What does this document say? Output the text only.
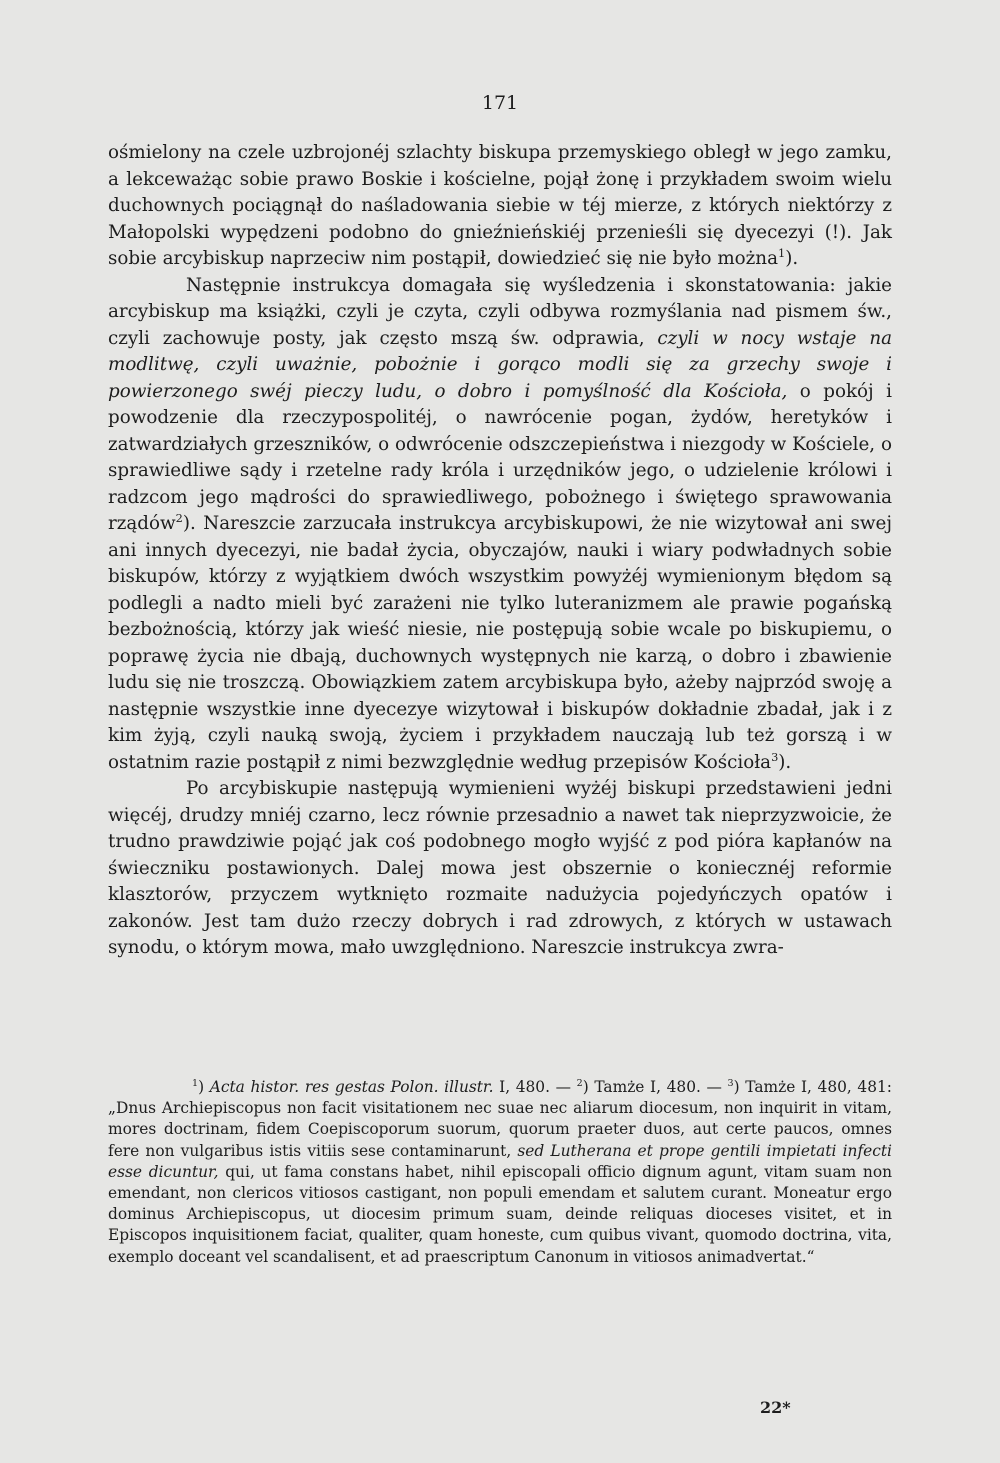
171

ośmielony na czele uzbrojonéj szlachty biskupa przemyskiego obległ w jego zamku, a lekceważąc sobie prawo Boskie i kościelne, pojął żonę i przykładem swoim wielu duchownych pociągnął do naśladowania siebie w téj mierze, z których niektórzy z Małopolski wypędzeni podobno do gnieźnieńskiéj przenieśli się dyecezyi (!). Jak sobie arcybiskup naprzeciw nim postąpił, dowiedzieć się nie było można$^1$).

Następnie instrukcya domagała się wyśledzenia i skonstatowania: jakie arcybiskup ma książki, czyli je czyta, czyli odbywa rozmyślania nad pismem św., czyli zachowuje posty, jak często mszą św. odprawia, czyli w nocy wstaje na modlitwę, czyli uważnie, pobożnie i gorąco modli się za grzechy swoje i powierzonego swéj pieczy ludu, o dobro i pomyślność dla Kościoła, o pokój i powodzenie dla rzeczypospolitéj, o nawrócenie pogan, żydów, heretyków i zatwardziałych grzeszników, o odwrócenie odszczepieństwa i niezgody w Kościele, o sprawiedliwe sądy i rzetelne rady króla i urzędników jego, o udzielenie królowi i radzcom jego mądrości do sprawiedliwego, pobożnego i świętego sprawowania rządów$^2$). Nareszcie zarzucała instrukcya arcybiskupowi, że nie wizytował ani swej ani innych dyecezyi, nie badał życia, obyczajów, nauki i wiary podwładnych sobie biskupów, którzy z wyjątkiem dwóch wszystkim powyżéj wymienionym błędom są podlegli a nadto mieli być zarażeni nie tylko luteranizmem ale prawie pogańską bezbożnością, którzy jak wieść niesie, nie postępują sobie wcale po biskupiemu, o poprawę życia nie dbają, duchownych występnych nie karzą, o dobro i zbawienie ludu się nie troszczą. Obowiązkiem zatem arcybiskupa było, ażeby najprzód swoję a następnie wszystkie inne dyecezye wizytował i biskupów dokładnie zbadał, jak i z kim żyją, czyli nauką swoją, życiem i przykładem nauczają lub też gorszą i w ostatnim razie postąpił z nimi bezwzględnie według przepisów Kościoła$^3$).

Po arcybiskupie następują wymienieni wyżéj biskupi przedstawieni jedni więcéj, drudzy mniéj czarno, lecz równie przesadnio a nawet tak nieprzyzwoicie, że trudno prawdziwie pojąć jak coś podobnego mogło wyjść z pod pióra kapłanów na świeczniku postawionych. Dalej mowa jest obszernie o koniecznéj reformie klasztorów, przyczem wytknięto rozmaite nadużycia pojedyńczych opatów i zakonów. Jest tam dużo rzeczy dobrych i rad zdrowych, z których w ustawach synodu, o którym mowa, mało uwzględniono. Nareszcie instrukcya zwra-

$^1$) Acta histor. res gestas Polon. illustr. I, 480. — $^2$) Tamże I, 480. — $^3$) Tamże I, 480, 481: „Dnus Archiepiscopus non facit visitationem nec suae nec aliarum diocesum, non inquirit in vitam, mores doctrinam, fidem Coepiscoporum suorum, quorum praeter duos, aut certe paucos, omnes fere non vulgaribus istis vitiis sese contaminarunt, sed Lutherana et prope gentili impietati infecti esse dicuntur, qui, ut fama constans habet, nihil episcopali officio dignum agunt, vitam suam non emendant, non clericos vitiosos castigant, non populi emendam et salutem curant. Moneatur ergo dominus Archiepiscopus, ut diocesim primum suam, deinde reliquas dioceses visitet, et in Episcopos inquisitionem faciat, qualiter, quam honeste, cum quibus vivant, quomodo doctrina, vita, exemplo doceant vel scandalisent, et ad praescriptum Canonum in vitiosos animadvertat.“

22*
